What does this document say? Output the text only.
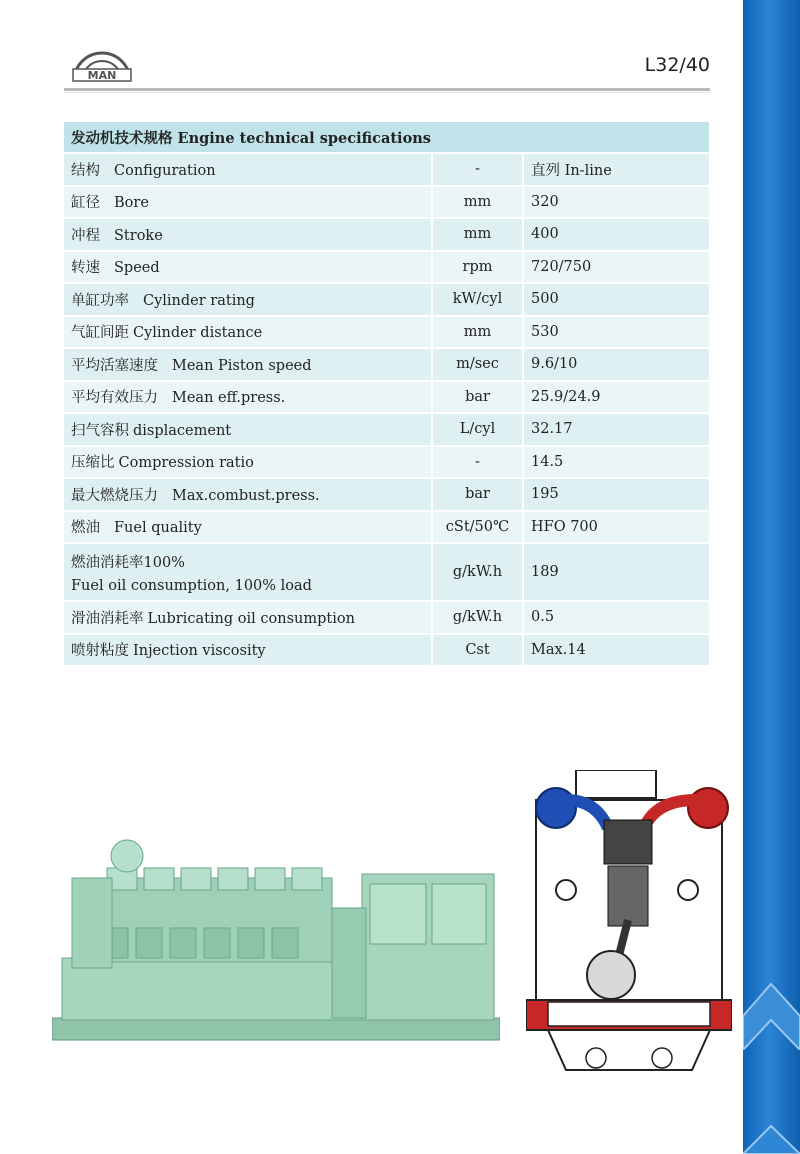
MAN	L32/40
发动机技术规格 Engine technical specifications		
结构 Configuration	-	直列 In-line
缸径 Bore	mm	320
冲程 Stroke	mm	400
转速 Speed	rpm	720/750
单缸功率 Cylinder rating	kW/cyl	500
气缸间距 Cylinder distance	mm	530
平均活塞速度 Mean Piston speed	m/sec	9.6/10
平均有效压力 Mean eff.press.	bar	25.9/24.9
扫气容积 displacement	L/cyl	32.17
压缩比 Compression ratio	-	14.5
最大燃烧压力 Max.combust.press.	bar	195
燃油 Fuel quality	cSt/50℃	HFO 700
燃油消耗率100%
Fuel oil consumption, 100% load	g/kW.h	189
滑油消耗率 Lubricating oil consumption	g/kW.h	0.5
喷射粘度 Injection viscosity	Cst	Max.14
